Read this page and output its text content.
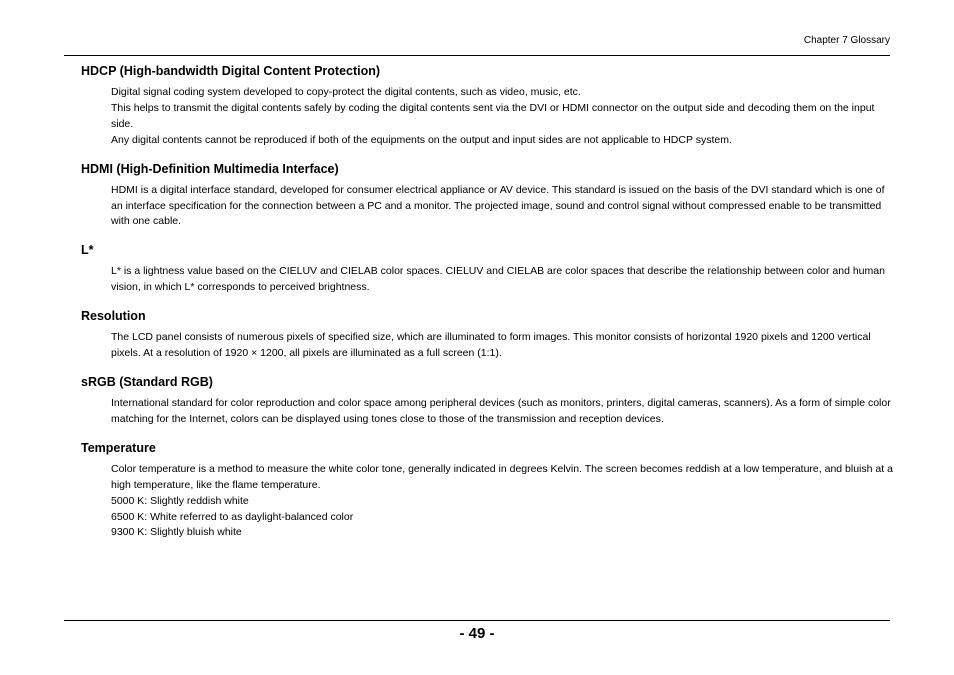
Chapter 7 Glossary
HDCP (High-bandwidth Digital Content Protection)

Digital signal coding system developed to copy-protect the digital contents, such as video, music, etc.

This helps to transmit the digital contents safely by coding the digital contents sent via the DVI or HDMI connector on the output side and decoding them on the input side.

Any digital contents cannot be reproduced if both of the equipments on the output and input sides are not applicable to HDCP system.

HDMI (High-Definition Multimedia Interface)

HDMI is a digital interface standard, developed for consumer electrical appliance or AV device. This standard is issued on the basis of the DVI standard which is one of an interface specification for the connection between a PC and a monitor. The projected image, sound and control signal without compressed enable to be transmitted with one cable.

L*

L* is a lightness value based on the CIELUV and CIELAB color spaces. CIELUV and CIELAB are color spaces that describe the relationship between color and human vision, in which L* corresponds to perceived brightness.

Resolution

The LCD panel consists of numerous pixels of specified size, which are illuminated to form images. This monitor consists of horizontal 1920 pixels and 1200 vertical pixels. At a resolution of 1920 × 1200, all pixels are illuminated as a full screen (1:1).

sRGB (Standard RGB)

International standard for color reproduction and color space among peripheral devices (such as monitors, printers, digital cameras, scanners). As a form of simple color matching for the Internet, colors can be displayed using tones close to those of the transmission and reception devices.

Temperature

Color temperature is a method to measure the white color tone, generally indicated in degrees Kelvin. The screen becomes reddish at a low temperature, and bluish at a high temperature, like the flame temperature.

5000 K: Slightly reddish white

6500 K: White referred to as daylight-balanced color

9300 K: Slightly bluish white

- 49 -
